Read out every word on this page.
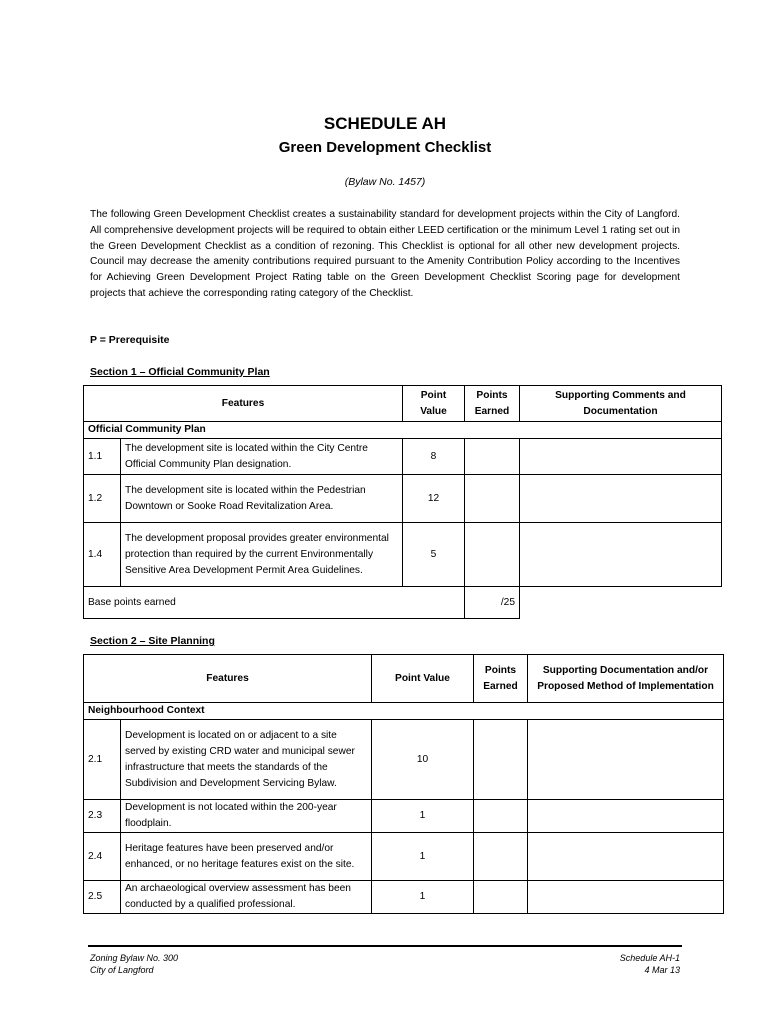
SCHEDULE AH
Green Development Checklist
(Bylaw No. 1457)
The following Green Development Checklist creates a sustainability standard for development projects within the City of Langford. All comprehensive development projects will be required to obtain either LEED certification or the minimum Level 1 rating set out in the Green Development Checklist as a condition of rezoning. This Checklist is optional for all other new development projects. Council may decrease the amenity contributions required pursuant to the Amenity Contribution Policy according to the Incentives for Achieving Green Development Project Rating table on the Green Development Checklist Scoring page for development projects that achieve the corresponding rating category of the Checklist.
P = Prerequisite
Section 1 – Official Community Plan
Features		Point Value	Points Earned	Supporting Comments and Documentation
Official Community Plan				
1.1	The development site is located within the City Centre Official Community Plan designation.	8		
1.2	The development site is located within the Pedestrian Downtown or Sooke Road Revitalization Area.	12		
1.4	The development proposal provides greater environmental protection than required by the current Environmentally Sensitive Area Development Permit Area Guidelines.	5		
Base points earned			/25	
Section 2 – Site Planning
Features		Point Value	Points Earned	Supporting Documentation and/or Proposed Method of Implementation
Neighbourhood Context				
2.1	Development is located on or adjacent to a site served by existing CRD water and municipal sewer infrastructure that meets the standards of the Subdivision and Development Servicing Bylaw.	10		
2.3	Development is not located within the 200-year floodplain.	1		
2.4	Heritage features have been preserved and/or enhanced, or no heritage features exist on the site.	1		
2.5	An archaeological overview assessment has been conducted by a qualified professional.	1		
Zoning Bylaw No. 300
City of Langford
Schedule AH-1
4 Mar 13
